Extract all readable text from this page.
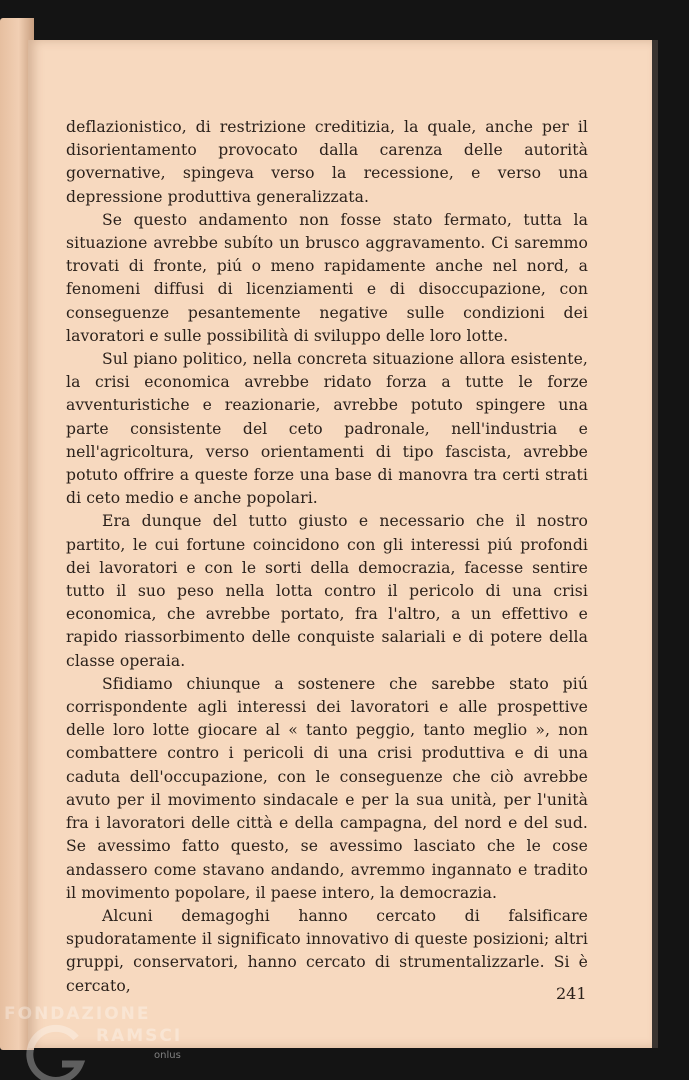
deflazionistico, di restrizione creditizia, la quale, anche per il disorientamento provocato dalla carenza delle autorità governative, spingeva verso la recessione, e verso una depressione produttiva generalizzata.

Se questo andamento non fosse stato fermato, tutta la situazione avrebbe subíto un brusco aggravamento. Ci saremmo trovati di fronte, piú o meno rapidamente anche nel nord, a fenomeni diffusi di licenziamenti e di disoccupazione, con conseguenze pesantemente negative sulle condizioni dei lavoratori e sulle possibilità di sviluppo delle loro lotte.

Sul piano politico, nella concreta situazione allora esistente, la crisi economica avrebbe ridato forza a tutte le forze avventuristiche e reazionarie, avrebbe potuto spingere una parte consistente del ceto padronale, nell'industria e nell'agricoltura, verso orientamenti di tipo fascista, avrebbe potuto offrire a queste forze una base di manovra tra certi strati di ceto medio e anche popolari.

Era dunque del tutto giusto e necessario che il nostro partito, le cui fortune coincidono con gli interessi piú profondi dei lavoratori e con le sorti della democrazia, facesse sentire tutto il suo peso nella lotta contro il pericolo di una crisi economica, che avrebbe portato, fra l'altro, a un effettivo e rapido riassorbimento delle conquiste salariali e di potere della classe operaia.

Sfidiamo chiunque a sostenere che sarebbe stato piú corrispondente agli interessi dei lavoratori e alle prospettive delle loro lotte giocare al « tanto peggio, tanto meglio », non combattere contro i pericoli di una crisi produttiva e di una caduta dell'occupazione, con le conseguenze che ciò avrebbe avuto per il movimento sindacale e per la sua unità, per l'unità fra i lavoratori delle città e della campagna, del nord e del sud. Se avessimo fatto questo, se avessimo lasciato che le cose andassero come stavano andando, avremmo ingannato e tradito il movimento popolare, il paese intero, la democrazia.

Alcuni demagoghi hanno cercato di falsificare spudoratamente il significato innovativo di queste posizioni; altri gruppi, conservatori, hanno cercato di strumentalizzarle. Si è cercato,	241
FONDAZIONE
RAMSCI
onlus
